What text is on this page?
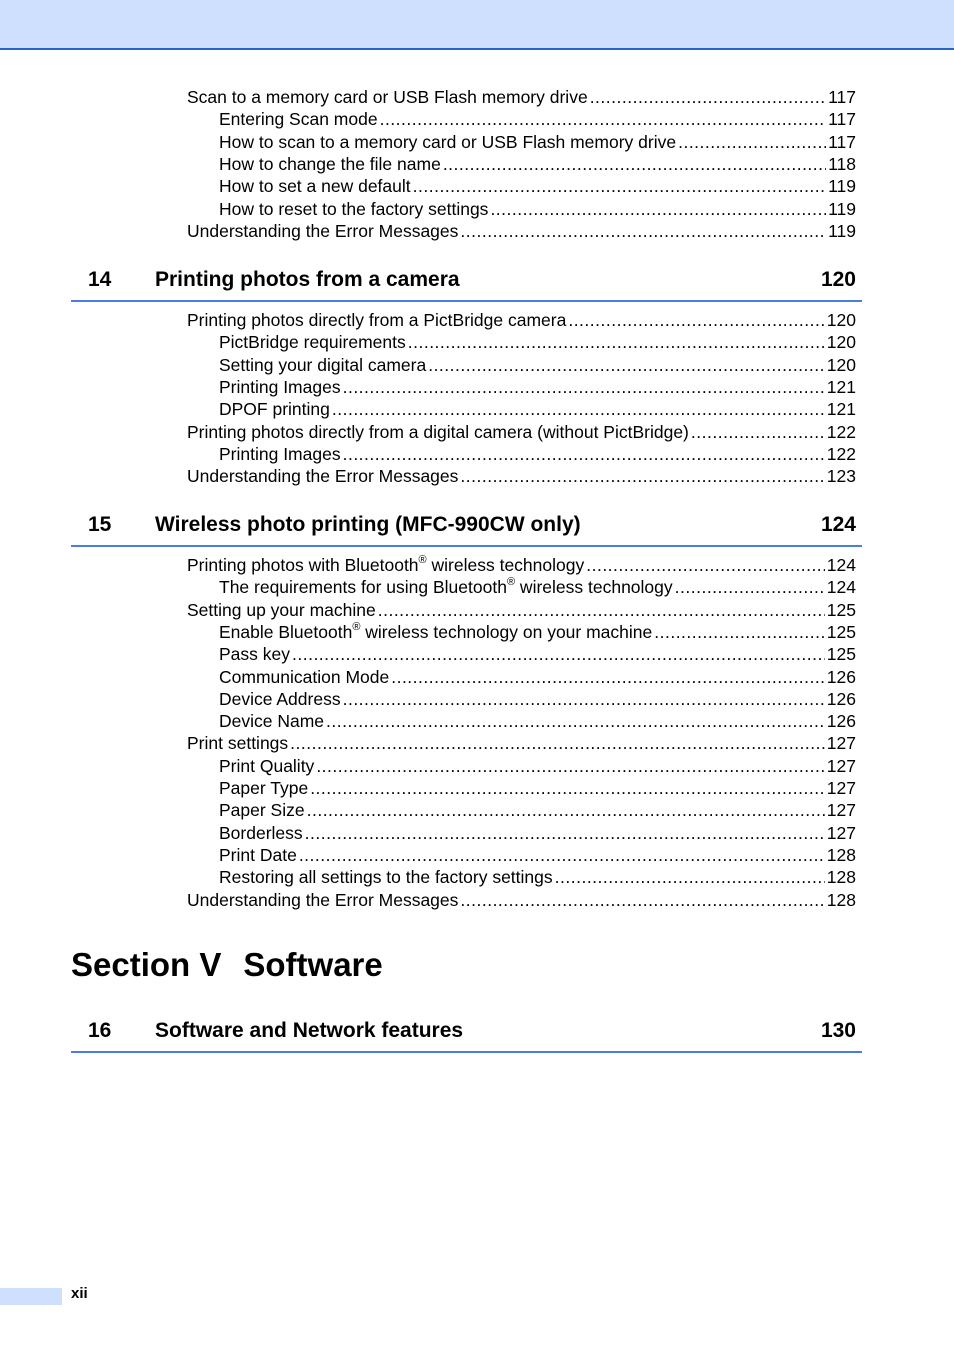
Scan to a memory card or USB Flash memory drive .....	117
Entering Scan mode .....	117
How to scan to a memory card or USB Flash memory drive .....	117
How to change the file name .....	118
How to set a new default .....	119
How to reset to the factory settings .....	119
Understanding the Error Messages .....	119
14 Printing photos from a camera	120
Printing photos directly from a PictBridge camera .....	120
PictBridge requirements .....	120
Setting your digital camera .....	120
Printing Images .....	121
DPOF printing .....	121
Printing photos directly from a digital camera (without PictBridge) .....	122
Printing Images .....	122
Understanding the Error Messages .....	123
15 Wireless photo printing (MFC-990CW only)	124
Printing photos with Bluetooth® wireless technology .....	124
The requirements for using Bluetooth® wireless technology .....	124
Setting up your machine .....	125
Enable Bluetooth® wireless technology on your machine .....	125
Pass key .....	125
Communication Mode .....	126
Device Address .....	126
Device Name .....	126
Print settings .....	127
Print Quality .....	127
Paper Type .....	127
Paper Size .....	127
Borderless .....	127
Print Date .....	128
Restoring all settings to the factory settings .....	128
Understanding the Error Messages .....	128
Section V Software
16 Software and Network features	130
xii
